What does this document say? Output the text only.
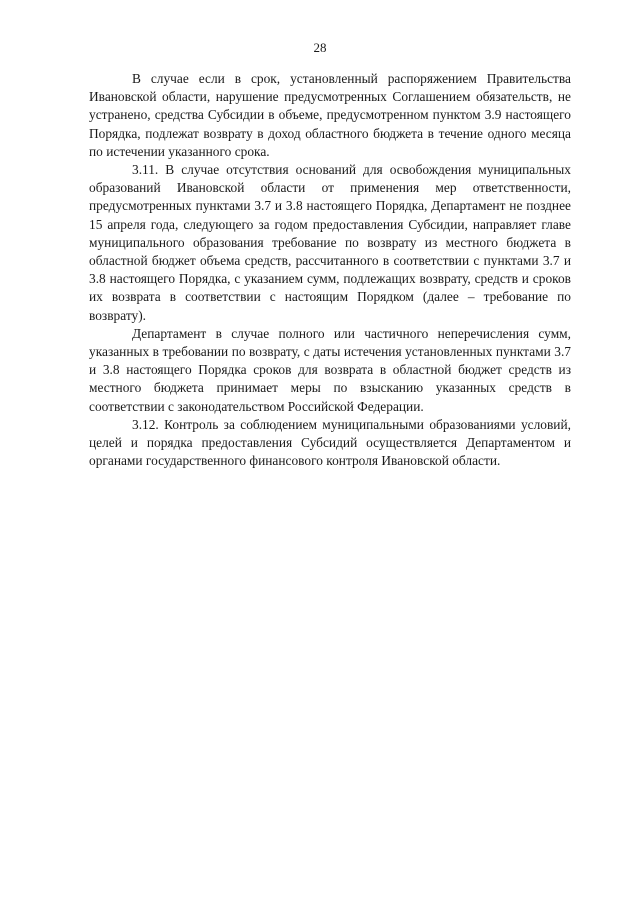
28

В случае если в срок, установленный распоряжением Правительства Ивановской области, нарушение предусмотренных Соглашением обязательств, не устранено, средства Субсидии в объеме, предусмотренном пунктом 3.9 настоящего Порядка, подлежат возврату в доход областного бюджета в течение одного месяца по истечении указанного срока.

3.11. В случае отсутствия оснований для освобождения муниципальных образований Ивановской области от применения мер ответственности, предусмотренных пунктами 3.7 и 3.8 настоящего Порядка, Департамент не позднее 15 апреля года, следующего за годом предоставления Субсидии, направляет главе муниципального образования требование по возврату из местного бюджета в областной бюджет объема средств, рассчитанного в соответствии с пунктами 3.7 и 3.8 настоящего Порядка, с указанием сумм, подлежащих возврату, средств и сроков их возврата в соответствии с настоящим Порядком (далее – требование по возврату).

Департамент в случае полного или частичного неперечисления сумм, указанных в требовании по возврату, с даты истечения установленных пунктами 3.7 и 3.8 настоящего Порядка сроков для возврата в областной бюджет средств из местного бюджета принимает меры по взысканию указанных средств в соответствии с законодательством Российской Федерации.

3.12. Контроль за соблюдением муниципальными образованиями условий, целей и порядка предоставления Субсидий осуществляется Департаментом и органами государственного финансового контроля Ивановской области.
